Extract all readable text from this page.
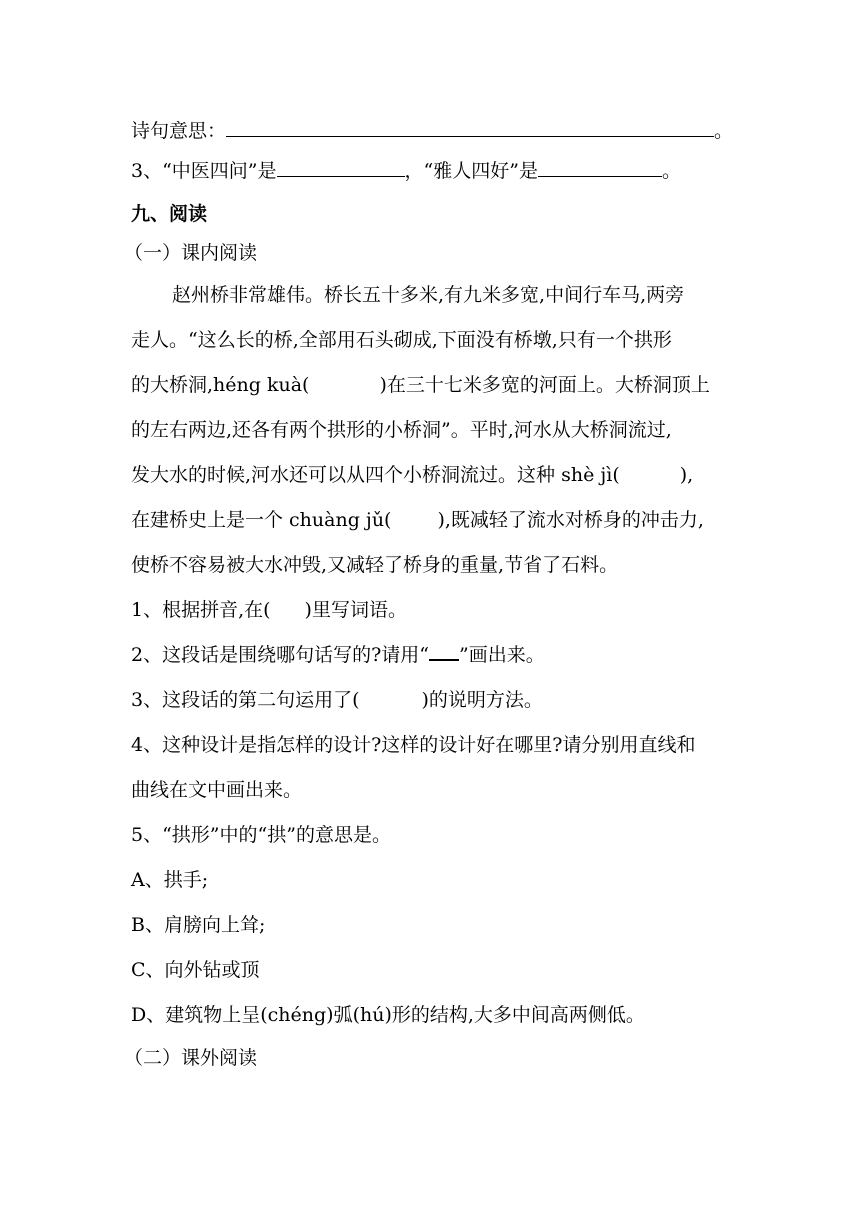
诗句意思：	。
3、“中医四问”是	，“雅人四好”是	。
九、阅读
（一）课内阅读
赵州桥非常雄伟。桥长五十多米,有九米多宽,中间行车马,两旁
走人。“这么长的桥,全部用石头砌成,下面没有桥墩,只有一个拱形
的大桥洞,héng kuà(	)在三十七米多宽的河面上。大桥洞顶上
的左右两边,还各有两个拱形的小桥洞”。平时,河水从大桥洞流过,
发大水的时候,河水还可以从四个小桥洞流过。这种 shè jì(	),
在建桥史上是一个 chuàng jǔ( ),既减轻了流水对桥身的冲击力,
使桥不容易被大水冲毁,又减轻了桥身的重量,节省了石料。
1、根据拼音,在( )里写词语。
2、这段话是围绕哪句话写的?请用“ ”画出来。
3、这段话的第二句运用了(	)的说明方法。
4、这种设计是指怎样的设计?这样的设计好在哪里?请分别用直线和
曲线在文中画出来。
5、“拱形”中的“拱”的意思是。
A、拱手;
B、肩膀向上耸;
C、向外钻或顶
D、建筑物上呈(chéng)弧(hú)形的结构,大多中间高两侧低。
（二）课外阅读
